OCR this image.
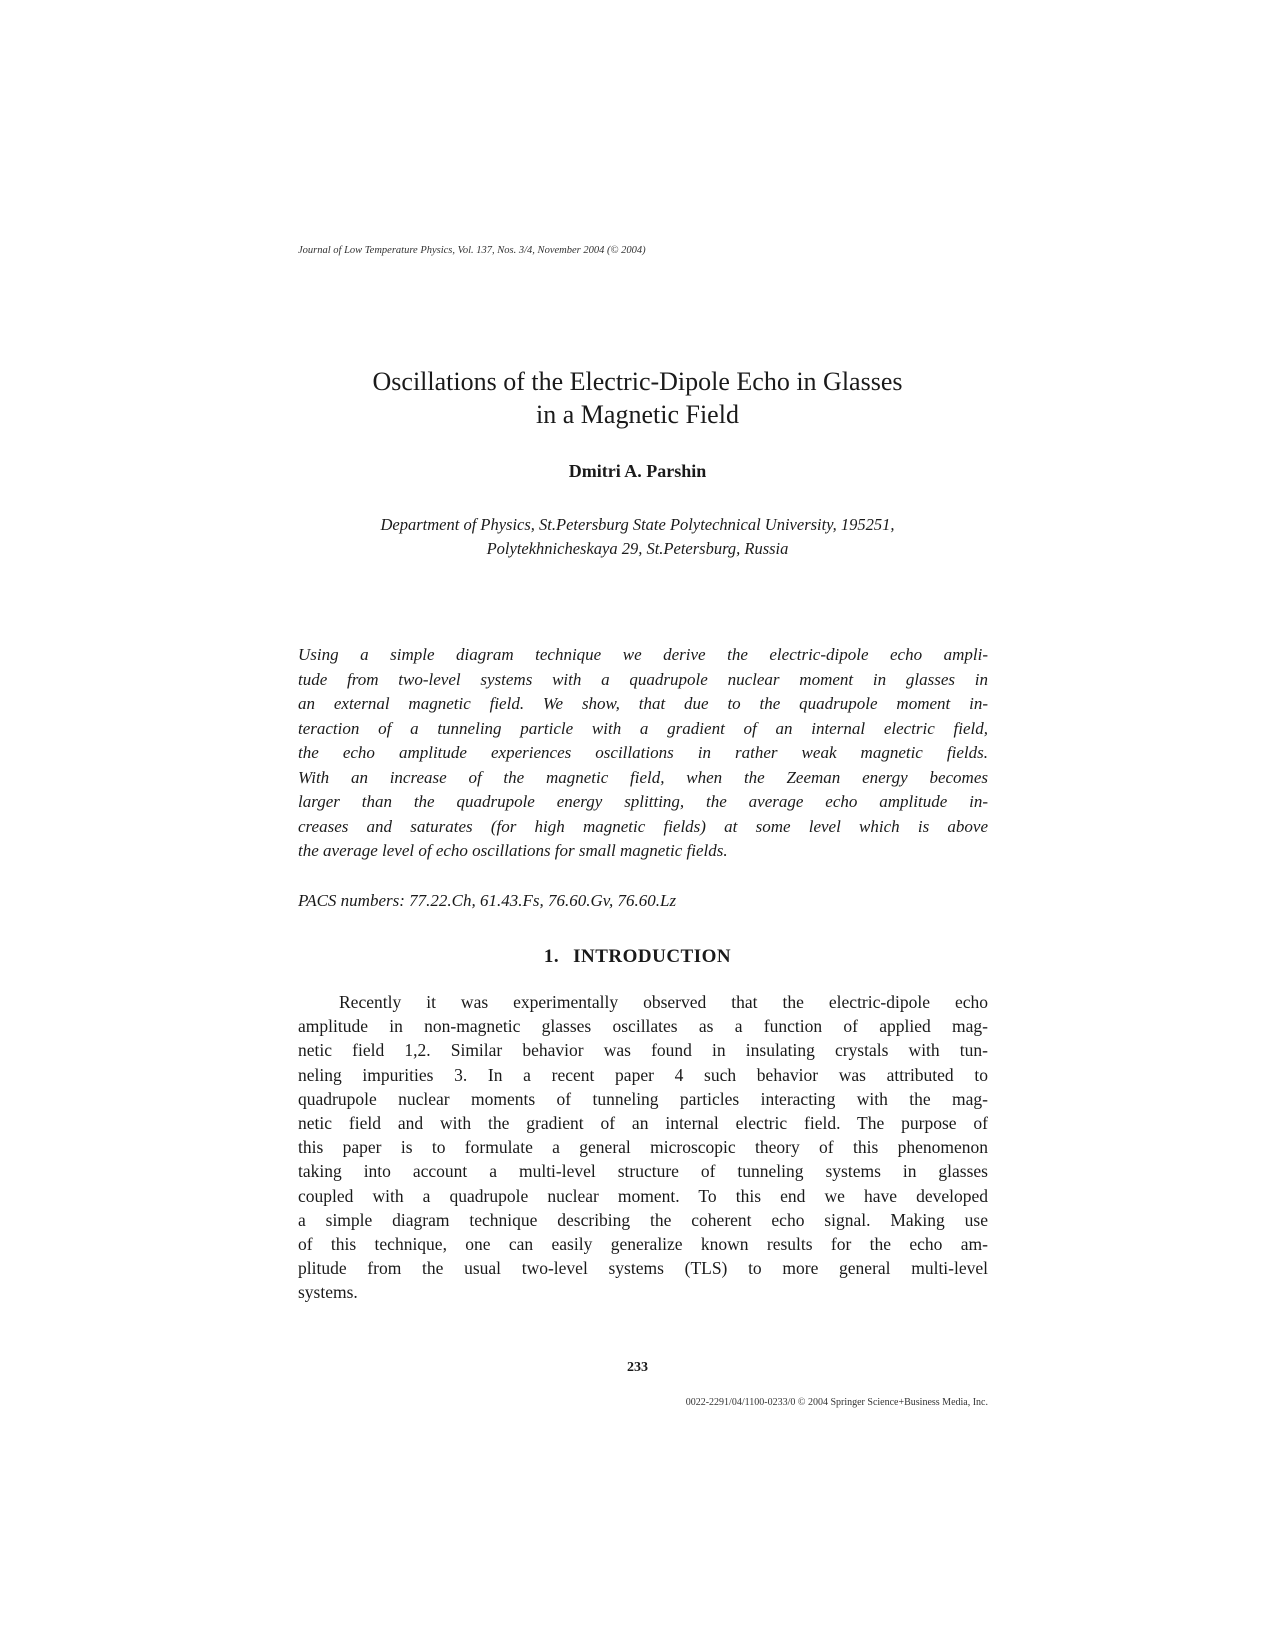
Journal of Low Temperature Physics, Vol. 137, Nos. 3/4, November 2004 (© 2004)
Oscillations of the Electric-Dipole Echo in Glasses
in a Magnetic Field
Dmitri A. Parshin
Department of Physics, St.Petersburg State Polytechnical University, 195251,
Polytekhnicheskaya 29, St.Petersburg, Russia
Using a simple diagram technique we derive the electric-dipole echo ampli-
tude from two-level systems with a quadrupole nuclear moment in glasses in
an external magnetic field. We show, that due to the quadrupole moment in-
teraction of a tunneling particle with a gradient of an internal electric field,
the echo amplitude experiences oscillations in rather weak magnetic fields.
With an increase of the magnetic field, when the Zeeman energy becomes
larger than the quadrupole energy splitting, the average echo amplitude in-
creases and saturates (for high magnetic fields) at some level which is above
the average level of echo oscillations for small magnetic fields.
PACS numbers: 77.22.Ch, 61.43.Fs, 76.60.Gv, 76.60.Lz
1. INTRODUCTION
Recently it was experimentally observed that the electric-dipole echo
amplitude in non-magnetic glasses oscillates as a function of applied mag-
netic field 1,2. Similar behavior was found in insulating crystals with tun-
neling impurities 3. In a recent paper 4 such behavior was attributed to
quadrupole nuclear moments of tunneling particles interacting with the mag-
netic field and with the gradient of an internal electric field. The purpose of
this paper is to formulate a general microscopic theory of this phenomenon
taking into account a multi-level structure of tunneling systems in glasses
coupled with a quadrupole nuclear moment. To this end we have developed
a simple diagram technique describing the coherent echo signal. Making use
of this technique, one can easily generalize known results for the echo am-
plitude from the usual two-level systems (TLS) to more general multi-level
systems.
233
0022-2291/04/1100-0233/0 © 2004 Springer Science+Business Media, Inc.
